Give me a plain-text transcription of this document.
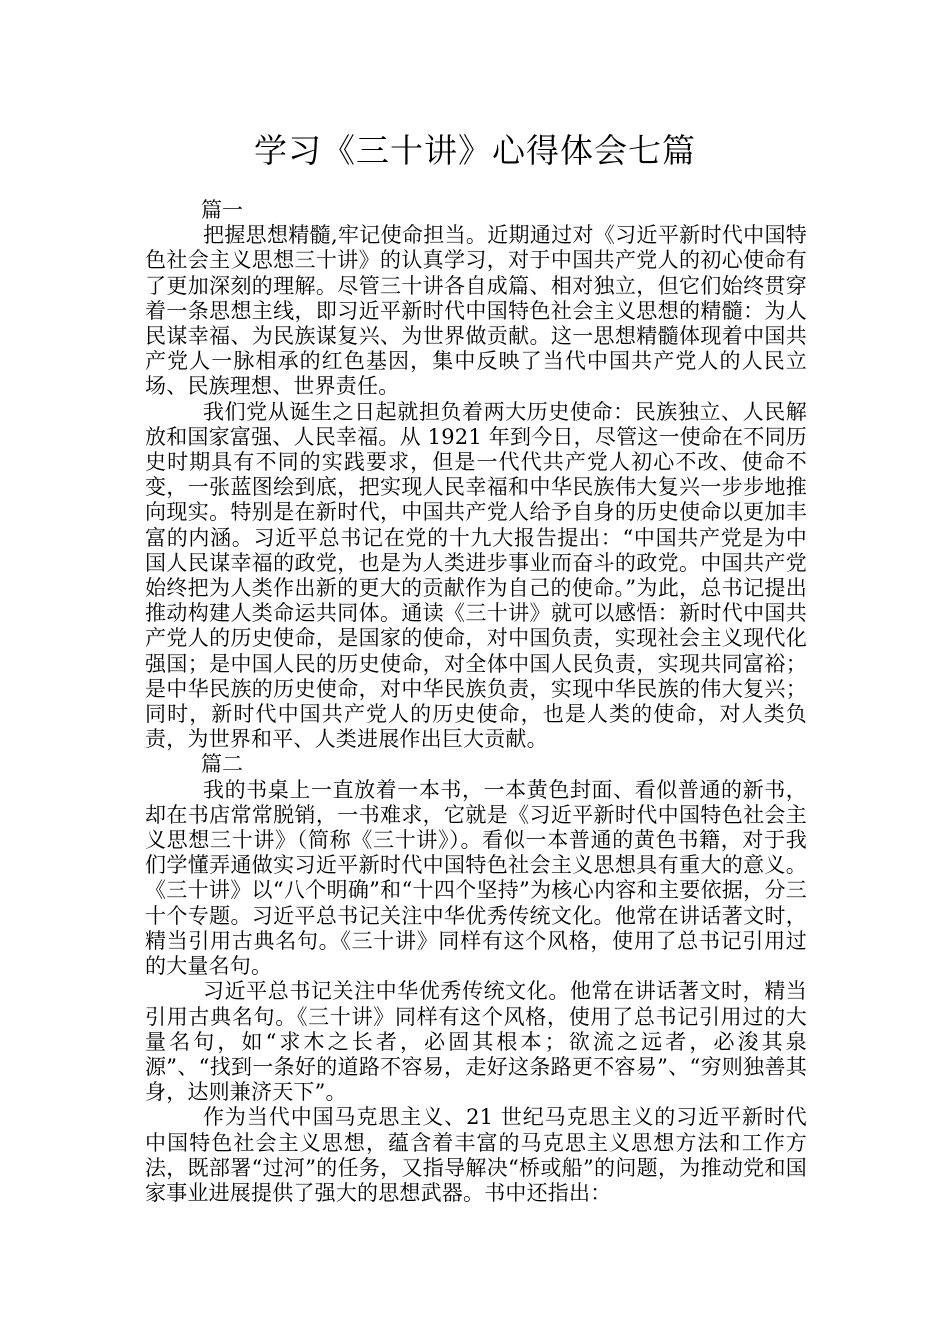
学习《三十讲》心得体会七篇

篇一

把握思想精髓,牢记使命担当。近期通过对《习近平新时代中国特色社会主义思想三十讲》的认真学习，对于中国共产党人的初心使命有了更加深刻的理解。尽管三十讲各自成篇、相对独立，但它们始终贯穿着一条思想主线，即习近平新时代中国特色社会主义思想的精髓：为人民谋幸福、为民族谋复兴、为世界做贡献。这一思想精髓体现着中国共产党人一脉相承的红色基因，集中反映了当代中国共产党人的人民立场、民族理想、世界责任。

我们党从诞生之日起就担负着两大历史使命：民族独立、人民解放和国家富强、人民幸福。从 1921 年到今日，尽管这一使命在不同历史时期具有不同的实践要求，但是一代代共产党人初心不改、使命不变，一张蓝图绘到底，把实现人民幸福和中华民族伟大复兴一步步地推向现实。特别是在新时代，中国共产党人给予自身的历史使命以更加丰富的内涵。习近平总书记在党的十九大报告提出：“中国共产党是为中国人民谋幸福的政党，也是为人类进步事业而奋斗的政党。中国共产党始终把为人类作出新的更大的贡献作为自己的使命。”为此，总书记提出推动构建人类命运共同体。通读《三十讲》就可以感悟：新时代中国共产党人的历史使命，是国家的使命，对中国负责，实现社会主义现代化强国；是中国人民的历史使命，对全体中国人民负责，实现共同富裕；是中华民族的历史使命，对中华民族负责，实现中华民族的伟大复兴；同时，新时代中国共产党人的历史使命，也是人类的使命，对人类负责，为世界和平、人类进展作出巨大贡献。

篇二

我的书桌上一直放着一本书，一本黄色封面、看似普通的新书，却在书店常常脱销，一书难求，它就是《习近平新时代中国特色社会主义思想三十讲》（简称《三十讲》）。看似一本普通的黄色书籍，对于我们学懂弄通做实习近平新时代中国特色社会主义思想具有重大的意义。《三十讲》以“八个明确”和“十四个坚持”为核心内容和主要依据，分三十个专题。习近平总书记关注中华优秀传统文化。他常在讲话著文时，精当引用古典名句。《三十讲》同样有这个风格，使用了总书记引用过的大量名句。

习近平总书记关注中华优秀传统文化。他常在讲话著文时，精当引用古典名句。《三十讲》同样有这个风格，使用了总书记引用过的大量名句，如“求木之长者，必固其根本；欲流之远者，必浚其泉源”、“找到一条好的道路不容易，走好这条路更不容易”、“穷则独善其身，达则兼济天下”。

作为当代中国马克思主义、21 世纪马克思主义的习近平新时代中国特色社会主义思想，蕴含着丰富的马克思主义思想方法和工作方法，既部署“过河”的任务，又指导解决“桥或船”的问题，为推动党和国家事业进展提供了强大的思想武器。书中还指出：
